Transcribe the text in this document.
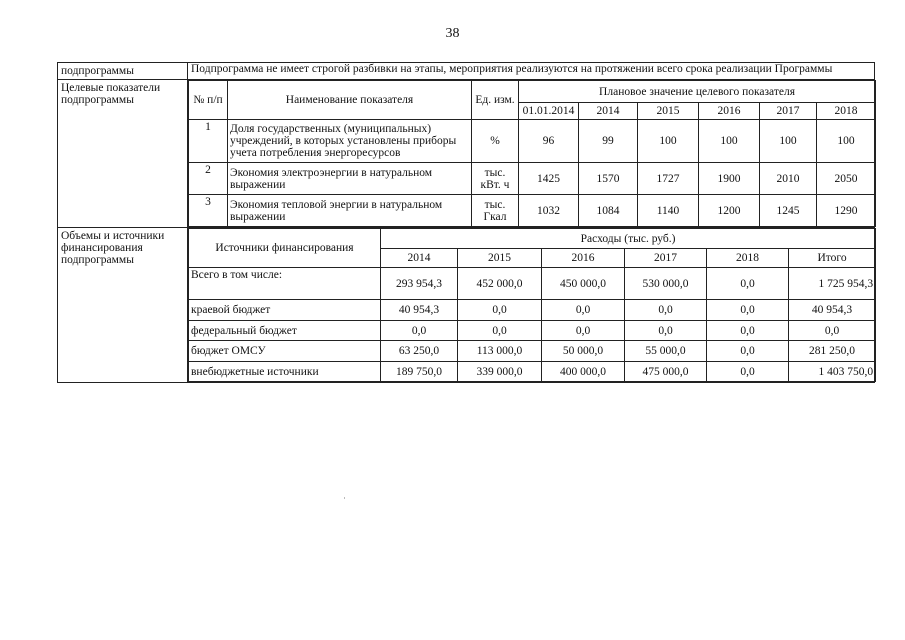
38
подпрограммы	Подпрограмма не имеет строгой разбивки на этапы, мероприятия реализуются на протяжении всего срока реализации Программы
Целевые показатели подпрограммы		№ п/п	Наименование показателя	Ед. изм.	Плановое значение целевого показателя
01.01.2014	2014	2015	2016	2017	2018
1	Доля государственных (муниципальных) учреждений, в которых установлены приборы учета потребления энергоресурсов	%	96	99	100	100	100	100
2	Экономия электроэнергии в натуральном выражении	тыс. кВт. ч	1425	1570	1727	1900	2010	2050
3	Экономия тепловой энергии в натуральном выражении	тыс. Гкал	1032	1084	1140	1200	1245	1290

Объемы и источники финансирования подпрограммы	
Источники финансирования	Расходы (тыс. руб.)
2014	2015	2016	2017	2018	Итого
Всего в том числе:	293 954,3	452 000,0	450 000,0	530 000,0	0,0	1 725 954,3
краевой бюджет	40 954,3	0,0	0,0	0,0	0,0	40 954,3
федеральный бюджет	0,0	0,0	0,0	0,0	0,0	0,0
бюджет ОМСУ	63 250,0	113 000,0	50 000,0	55 000,0	0,0	281 250,0
внебюджетные источники	189 750,0	339 000,0	400 000,0	475 000,0	0,0	1 403 750,0
